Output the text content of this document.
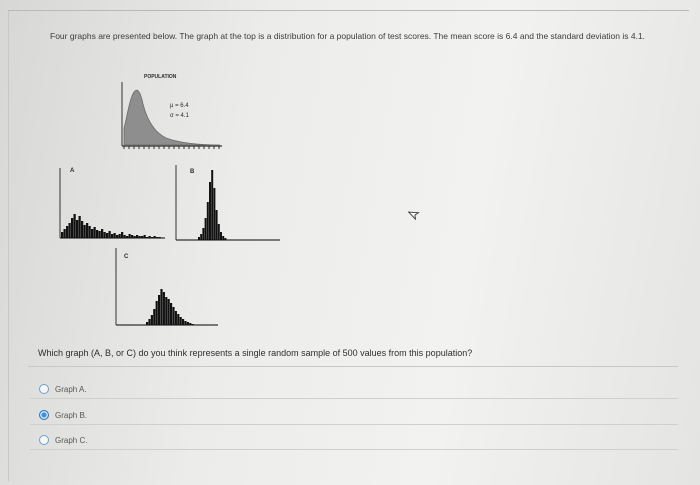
Four graphs are presented below. The graph at the top is a distribution for a population of test scores. The mean score is 6.4 and the standard deviation is 4.1.
POPULATION
μ = 6.4
σ = 4.1
A	B
C
Which graph (A, B, or C) do you think represents a single random sample of 500 values from this population?
Graph A.
Graph B.
Graph C.
